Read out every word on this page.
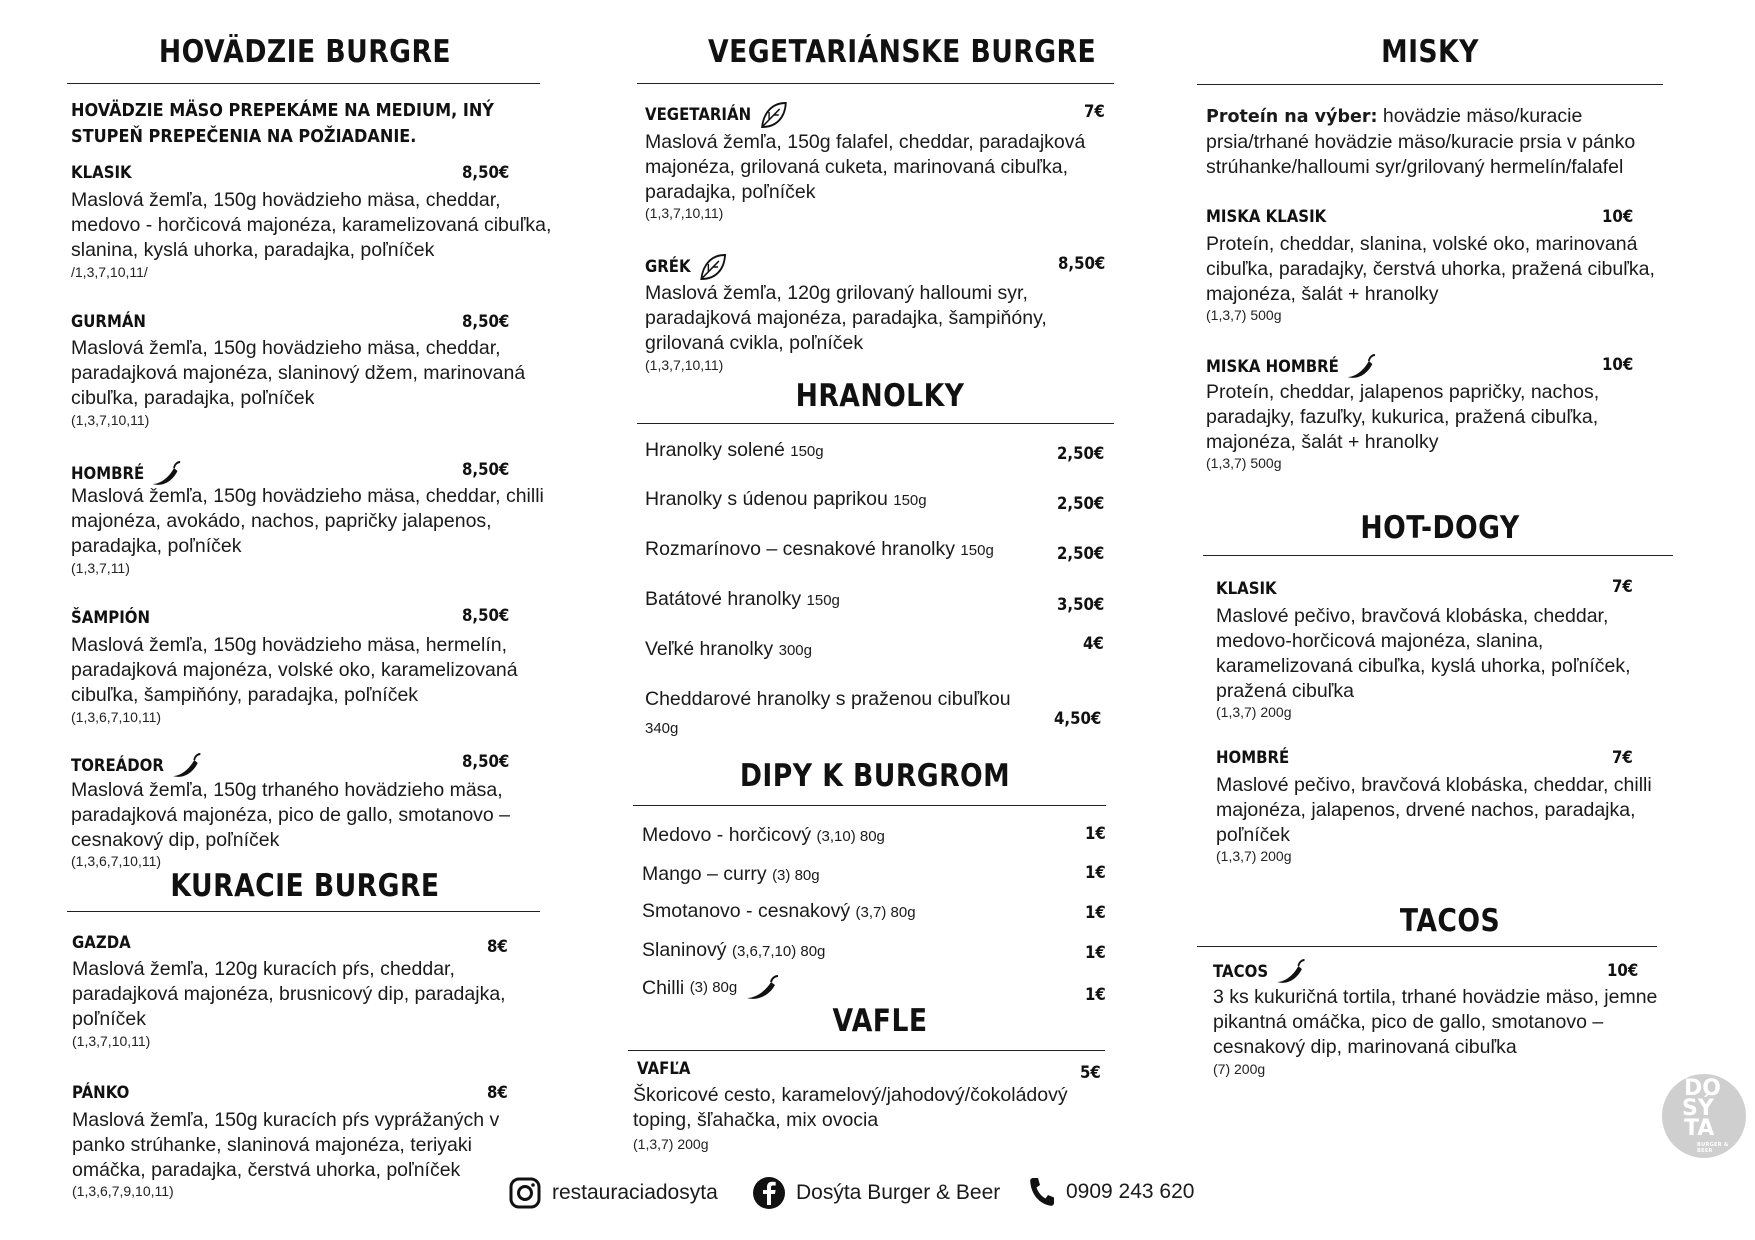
HOVÄDZIE BURGRE
HOVÄDZIE MÄSO PREPEKÁME NA MEDIUM, INÝ STUPEŇ PREPEČENIA NA POŽIADANIE.
KLASIK	8,50€
Maslová žemľa, 150g hovädzieho mäsa, cheddar, medovo - horčicová majonéza, karamelizovaná cibuľka, slanina, kyslá uhorka, paradajka, poľníček
/1,3,7,10,11/
GURMÁN	8,50€
Maslová žemľa, 150g hovädzieho mäsa, cheddar, paradajková majonéza, slaninový džem, marinovaná cibuľka, paradajka, poľníček
(1,3,7,10,11)
HOMBRÉ	8,50€
Maslová žemľa, 150g hovädzieho mäsa, cheddar, chilli majonéza, avokádo, nachos, papričky jalapenos, paradajka, poľníček
(1,3,7,11)
ŠAMPIÓN	8,50€
Maslová žemľa, 150g hovädzieho mäsa, hermelín, paradajková majonéza, volské oko, karamelizovaná cibuľka, šampiňóny, paradajka, poľníček
(1,3,6,7,10,11)
TOREÁDOR	8,50€
Maslová žemľa, 150g trhaného hovädzieho mäsa, paradajková majonéza, pico de gallo, smotanovo – cesnakový dip, poľníček
(1,3,6,7,10,11)
KURACIE BURGRE
GAZDA	8€
Maslová žemľa, 120g kuracích pŕs, cheddar, paradajková majonéza, brusnicový dip, paradajka, poľníček
(1,3,7,10,11)
PÁNKO	8€
Maslová žemľa, 150g kuracích pŕs vyprážaných v panko strúhanke, slaninová majonéza, teriyaki omáčka, paradajka, čerstvá uhorka, poľníček
(1,3,6,7,9,10,11)
VEGETARIÁNSKE BURGRE
VEGETARIÁN	7€
Maslová žemľa, 150g falafel, cheddar, paradajková majonéza, grilovaná cuketa, marinovaná cibuľka, paradajka, poľníček
(1,3,7,10,11)
GRÉK	8,50€
Maslová žemľa, 120g grilovaný halloumi syr, paradajková majonéza, paradajka, šampiňóny, grilovaná cvikla, poľníček
(1,3,7,10,11)
HRANOLKY
Hranolky solené 150g	2,50€
Hranolky s údenou paprikou 150g	2,50€
Rozmarínovo – cesnakové hranolky 150g	2,50€
Batátové hranolky 150g	3,50€
Veľké hranolky 300g	4€
Cheddarové hranolky s praženou cibuľkou
340g	4,50€
DIPY K BURGROM
Medovo - horčicový (3,10) 80g	1€
Mango – curry (3) 80g	1€
Smotanovo - cesnakový (3,7) 80g	1€
Slaninový (3,6,7,10) 80g	1€
Chilli
(3) 80g	1€
VAFLE
VAFĽA	5€
Škoricové cesto, karamelový/jahodový/čokoládový toping, šľahačka, mix ovocia
(1,3,7) 200g
MISKY
Proteín na výber: hovädzie mäso/kuracie prsia/trhané hovädzie mäso/kuracie prsia v pánko strúhanke/halloumi syr/grilovaný hermelín/falafel
MISKA KLASIK	10€
Proteín, cheddar, slanina, volské oko, marinovaná cibuľka, paradajky, čerstvá uhorka, pražená cibuľka, majonéza, šalát + hranolky
(1,3,7) 500g
MISKA HOMBRÉ	10€
Proteín, cheddar, jalapenos papričky, nachos, paradajky, fazuľky, kukurica, pražená cibuľka, majonéza, šalát + hranolky
(1,3,7) 500g
HOT-DOGY
KLASIK	7€
Maslové pečivo, bravčová klobáska, cheddar, medovo-horčicová majonéza, slanina, karamelizovaná cibuľka, kyslá uhorka, poľníček, pražená cibuľka
(1,3,7) 200g
HOMBRÉ	7€
Maslové pečivo, bravčová klobáska, cheddar, chilli majonéza, jalapenos, drvené nachos, paradajka, poľníček
(1,3,7) 200g
TACOS
TACOS	10€
3 ks kukuričná tortila, trhané hovädzie mäso, jemne pikantná omáčka, pico de gallo, smotanovo – cesnakový dip, marinovaná cibuľka
(7) 200g
DO
SÝ
TA
BURGER & BEER
restauraciadosyta	Dosýta Burger & Beer	0909 243 620
